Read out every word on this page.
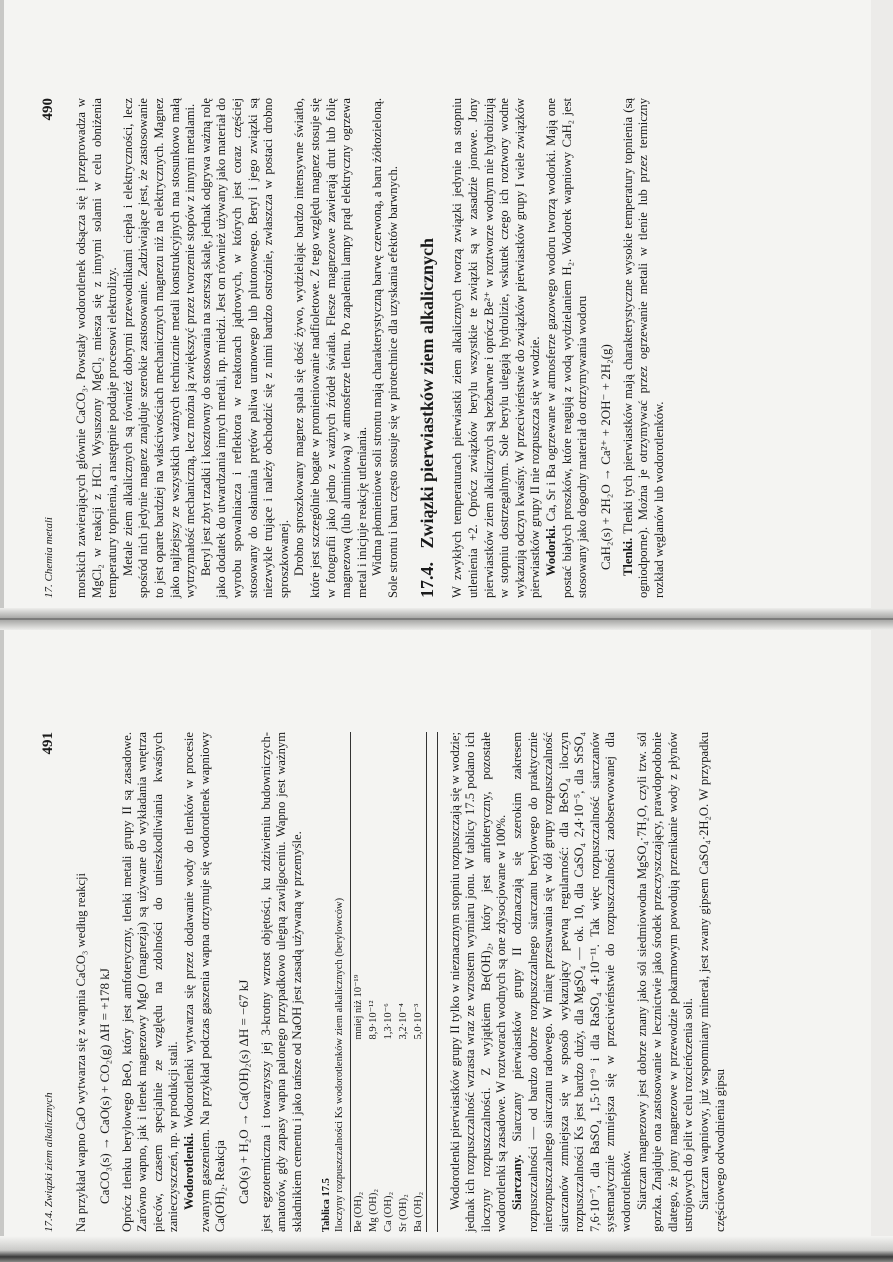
17. Chemia metali
490 morskich zawierających głównie CaCO₃. Powstały wodorotlenek odsącza się i przeprowadza w MgCl₂ w reakcji z HCl. Wysuszony MgCl₂ miesza się z innymi solami w celu obniżenia temperatury topnienia, a następnie poddaje procesowi elektrolizy. Metale ziem alkalicznych są również dobrymi przewodnikami ciepła i elektryczności, lecz spośród nich jedynie magnez znajduje szerokie zastosowanie. Zadziwiające jest, że zastosowanie to jest oparte bardziej na właściwościach mechanicznych magnezu niż na elektrycznych. Magnez jako najlżejszy ze wszystkich ważnych technicznie metali konstrukcyjnych ma stosunkowo małą wytrzymałość mechaniczną, lecz można ją zwiększyć przez tworzenie stopów z innymi metalami. Beryl jest zbyt rzadki i kosztowny do stosowania na szerszą skalę, jednak odgrywa ważną rolę jako dodatek do utwardzania innych metali, np. miedzi. Jest on również używany jako materiał do wyrobu spowalniacza i reflektora w reaktorach jądrowych, w których jest coraz częściej stosowany do osłaniania prętów paliwa uranowego lub plutonowego. Beryl i jego związki są niezwykle trujące i należy obchodzić się z nimi bardzo ostrożnie, zwłaszcza w postaci drobno sproszkowanej. Drobno sproszkowany magnez spala się dość żywo, wydzielając bardzo intensywne światło, które jest szczególnie bogate w promieniowanie nadfioletowe. Z tego względu magnez stosuje się w fotografii jako jedno z ważnych źródeł światła. Flesze magnezowe zawierają drut lub folię magnezową (lub aluminiową) w atmosferze tlenu. Po zapaleniu lampy prąd elektryczny ogrzewa metal i inicjuje reakcję utleniania. Widma płomieniowe soli strontu mają charakterystyczną barwę czerwoną, a baru żółtozieloną. Sole strontu i baru często stosuje się w pirotechnice dla uzyskania efektów barwnych. 17.4.   Związki pierwiastków ziem alkalicznych W zwykłych temperaturach pierwiastki ziem alkalicznych tworzą związki jedynie na stopniu utlenienia +2. Oprócz związków berylu wszystkie te związki są w zasadzie jonowe. Jony pierwiastków ziem alkalicznych są bezbarwne i oprócz Be²⁺ w roztworze wodnym nie hydrolizują w stopniu dostrzegalnym. Sole berylu ulegają hydrolizie, wskutek czego ich roztwory wodne wykazują odczyn kwaśny. W przeciwieństwie do związków pierwiastków grupy I wiele związków pierwiastków grupy II nie rozpuszcza się w wodzie. Wodorki. Ca, Sr i Ba ogrzewane w atmosferze gazowego wodoru tworzą wodorki. Mają one postać białych proszków, które reagują z wodą wydzielaniem H₂. Wodorek wapniowy CaH₂ jest stosowany jako dogodny materiał do otrzymywania wodoru CaH₂(s) + 2H₂O → Ca²⁺ + 2OH⁻ + 2H₂(g) Tlenki. Tlenki tych pierwiastków mają charakterystyczne wysokie temperatury topnienia (są ogniodporne). Można je otrzymywać przez ogrzewanie metali w tlenie lub przez termiczny rozkład węglanów lub wodorotlenków.

17.4. Związki ziem alkalicznych
491

Na przykład wapno CaO wytwarza się z wapnia CaCO₃ według reakcji CaCO₃(s) → CaO(s) + CO₂(g) ΔH = +178 kJ Oprócz tlenku berylowego BeO, który jest amfoteryczny, tlenki metali grupy II są zasadowe. Zarówno wapno, jak i tlenek magnezowy MgO (magnezja) są używane do wykładania wnętrza pieców, czasem specjalnie ze względu na zdolności do unieszkodliwiania kwaśnych zanieczyszczeń, np. w produkcji stali. Wodorotlenki. Wodorotlenki wytwarza się przez dodawanie wody do tlenków w procesie zwanym gaszeniem. Na przykład podczas gaszenia wapna otrzymuje się wodorotlenek wapniowy Ca(OH)₂. Reakcja CaO(s) + H₂O → Ca(OH)₂(s) ΔH = −67 kJ jest egzotermiczna i towarzyszy jej 3-krotny wzrost objętości, ku zdziwieniu budowniczych-amatorów, gdy zapasy wapna palonego przypadkowo ulegną zawilgoceniu. Wapno jest ważnym składnikiem cementu i jako tańsze od NaOH jest zasadą używaną w przemyśle. Tablica 17.5 Iloczyny rozpuszczalności Ks wodorotlenków ziem alkalicznych (berylowców) Be (OH)₂	mniej niż 10⁻¹⁹
Mg (OH)₂	8,9·10⁻¹²
Ca (OH)₂	1,3·10⁻⁶
Sr (OH)₂	3,2·10⁻⁴
Ba (OH)₂	5,0·10⁻³ Wodorotlenki pierwiastków grupy II tylko w nieznacznym stopniu rozpuszczają się w wodzie; jednak ich rozpuszczalność wzrasta wraz ze wzrostem wymiaru jonu. W tablicy 17.5 podano ich iloczyny rozpuszczalności. Z wyjątkiem Be(OH)₂, który jest amfoteryczny, pozostałe wodorotlenki są zasadowe. W roztworach wodnych są one zdysocjowane w 100%. Siarczany. Siarczany pierwiastków grupy II odznaczają się szerokim zakresem rozpuszczalności — od bardzo dobrze rozpuszczalnego siarczanu berylowego do praktycznie nierozpuszczalnego siarczanu radowego. W miarę przesuwania się w dół grupy rozpuszczalność siarczanów zmniejsza się w sposób wykazujący pewną regularność: dla BeSO₄ iloczyn rozpuszczalności Ks jest bardzo duży, dla MgSO₄ — ok. 10, dla CaSO₄ 2,4·10⁻⁵, dla SrSO₄ 7,6·10⁻⁷, dla BaSO₄ 1,5·10⁻⁹ i dla RaSO₄ 4·10⁻¹¹. Tak więc rozpuszczalność siarczanów systematycznie zmniejsza się w przeciwieństwie do rozpuszczalności zaobserwowanej dla wodorotlenków. Siarczan magnezowy jest dobrze znany jako sól siedmiowodna MgSO₄·7H₂O, czyli tzw. sól gorzka. Znajduje ona zastosowanie w lecznictwie jako środek przeczyszczający, prawdopodobnie dlatego, że jony magnezowe w przewodzie pokarmowym powodują przenikanie wody z płynów ustrojowych do jelit w celu rozcieńczenia soli. Siarczan wapniowy, już wspomniany minerał, jest zwany gipsem CaSO₄·2H₂O. W przypadku częściowego odwodnienia gipsu
